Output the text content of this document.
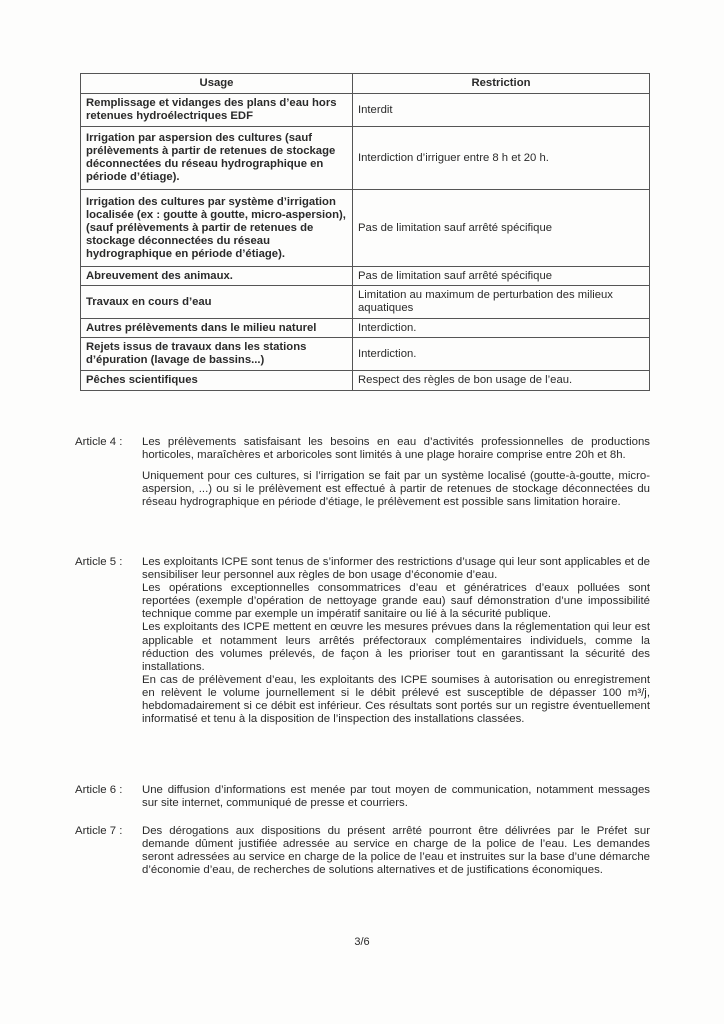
Usage	Restriction
Remplissage et vidanges des plans d’eau hors retenues hydroélectriques EDF	Interdit
Irrigation par aspersion des cultures (sauf prélèvements à partir de retenues de stockage déconnectées du réseau hydrographique en période d’étiage).	Interdiction d’irriguer entre 8 h et 20 h.
Irrigation des cultures par système d’irrigation localisée (ex : goutte à goutte, micro-aspersion), (sauf prélèvements à partir de retenues de stockage déconnectées du réseau hydrographique en période d’étiage).	Pas de limitation sauf arrêté spécifique
Abreuvement des animaux.	Pas de limitation sauf arrêté spécifique
Travaux en cours d’eau	Limitation au maximum de perturbation des milieux aquatiques
Autres prélèvements dans le milieu naturel	Interdiction.
Rejets issus de travaux dans les stations d’épuration (lavage de bassins...)	Interdiction.
Pêches scientifiques	Respect des règles de bon usage de l’eau.
Article 4 :	Les prélèvements satisfaisant les besoins en eau d’activités professionnelles de productions horticoles, maraîchères et arboricoles sont limités à une plage horaire comprise entre 20h et 8h.

Uniquement pour ces cultures, si l’irrigation se fait par un système localisé (goutte-à-goutte, micro-aspersion, ...) ou si le prélèvement est effectué à partir de retenues de stockage déconnectées du réseau hydrographique en période d’étiage, le prélèvement est possible sans limitation horaire.

Article 5 :	Les exploitants ICPE sont tenus de s’informer des restrictions d’usage qui leur sont applicables et de sensibiliser leur personnel aux règles de bon usage d’économie d’eau.

Les opérations exceptionnelles consommatrices d’eau et génératrices d’eaux polluées sont reportées (exemple d’opération de nettoyage grande eau) sauf démonstration d’une impossibilité technique comme par exemple un impératif sanitaire ou lié à la sécurité publique.

Les exploitants des ICPE mettent en œuvre les mesures prévues dans la réglementation qui leur est applicable et notamment leurs arrêtés préfectoraux complémentaires individuels, comme la réduction des volumes prélevés, de façon à les prioriser tout en garantissant la sécurité des installations.

En cas de prélèvement d’eau, les exploitants des ICPE soumises à autorisation ou enregistrement en relèvent le volume journellement si le débit prélevé est susceptible de dépasser 100 m³/j, hebdomadairement si ce débit est inférieur. Ces résultats sont portés sur un registre éventuellement informatisé et tenu à la disposition de l’inspection des installations classées.

Article 6 :	Une diffusion d’informations est menée par tout moyen de communication, notamment messages sur site internet, communiqué de presse et courriers.

Article 7 :	Des dérogations aux dispositions du présent arrêté pourront être délivrées par le Préfet sur demande dûment justifiée adressée au service en charge de la police de l’eau. Les demandes seront adressées au service en charge de la police de l’eau et instruites sur la base d’une démarche d’économie d’eau, de recherches de solutions alternatives et de justifications économiques.

3/6
